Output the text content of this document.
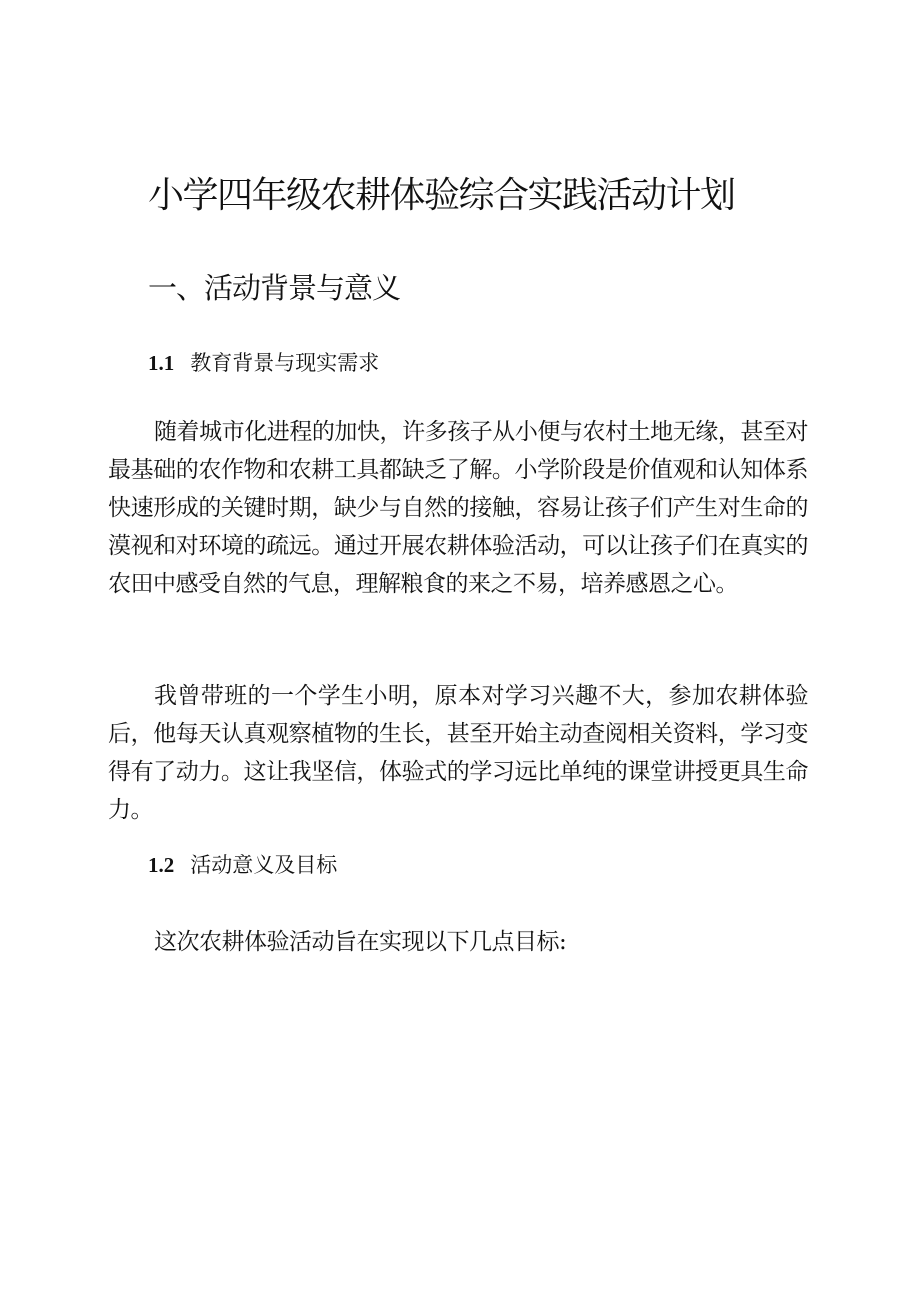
小学四年级农耕体验综合实践活动计划
一、活动背景与意义
1.1 教育背景与现实需求

随着城市化进程的加快，许多孩子从小便与农村土地无缘，甚至对最基础的农作物和农耕工具都缺乏了解。小学阶段是价值观和认知体系快速形成的关键时期，缺少与自然的接触，容易让孩子们产生对生命的漠视和对环境的疏远。通过开展农耕体验活动，可以让孩子们在真实的农田中感受自然的气息，理解粮食的来之不易，培养感恩之心。

我曾带班的一个学生小明，原本对学习兴趣不大，参加农耕体验后，他每天认真观察植物的生长，甚至开始主动查阅相关资料，学习变得有了动力。这让我坚信，体验式的学习远比单纯的课堂讲授更具生命力。

1.2 活动意义及目标

这次农耕体验活动旨在实现以下几点目标:
